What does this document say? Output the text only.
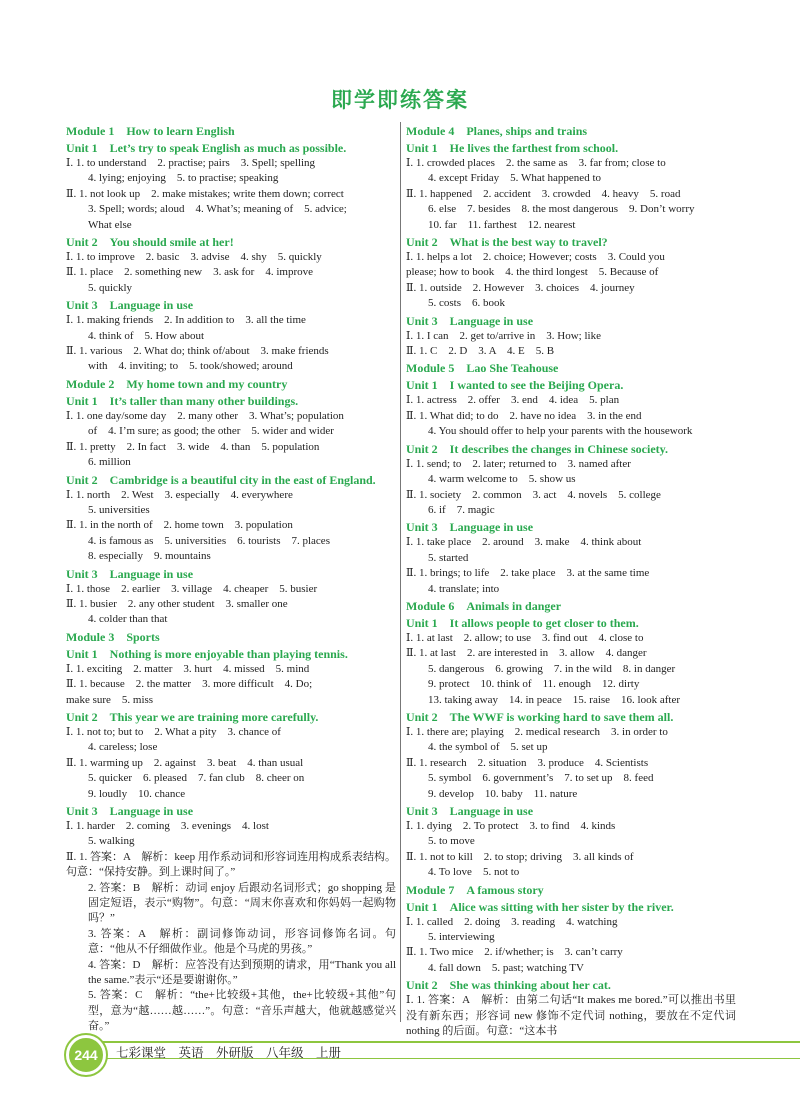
即学即练答案
Module 1　How to learn English
Unit 1　Let’s try to speak English as much as possible.
Ⅰ. 1. to understand　2. practise; pairs　3. Spell; spelling
4. lying; enjoying　5. to practise; speaking
Ⅱ. 1. not look up　2. make mistakes; write them down; correct
3. Spell; words; aloud　4. What’s; meaning of　5. advice;
What else
Unit 2　You should smile at her!
Ⅰ. 1. to improve　2. basic　3. advise　4. shy　5. quickly
Ⅱ. 1. place　2. something new　3. ask for　4. improve
5. quickly
Unit 3　Language in use
Ⅰ. 1. making friends　2. In addition to　3. all the time
4. think of　5. How about
Ⅱ. 1. various　2. What do; think of/about　3. make friends
with　4. inviting; to　5. took/showed; around
Module 2　My home town and my country
Unit 1　It’s taller than many other buildings.
Ⅰ. 1. one day/some day　2. many other　3. What’s; population
of　4. I’m sure; as good; the other　5. wider and wider
Ⅱ. 1. pretty　2. In fact　3. wide　4. than　5. population
6. million
Unit 2　Cambridge is a beautiful city in the east of England.
Ⅰ. 1. north　2. West　3. especially　4. everywhere
5. universities
Ⅱ. 1. in the north of　2. home town　3. population
4. is famous as　5. universities　6. tourists　7. places
8. especially　9. mountains
Unit 3　Language in use
Ⅰ. 1. those　2. earlier　3. village　4. cheaper　5. busier
Ⅱ. 1. busier　2. any other student　3. smaller one
4. colder than that
Module 3　Sports
Unit 1　Nothing is more enjoyable than playing tennis.
Ⅰ. 1. exciting　2. matter　3. hurt　4. missed　5. mind
Ⅱ. 1. because　2. the matter　3. more difficult　4. Do;
make sure　5. miss
Unit 2　This year we are training more carefully.
Ⅰ. 1. not to; but to　2. What a pity　3. chance of
4. careless; lose
Ⅱ. 1. warming up　2. against　3. beat　4. than usual
5. quicker　6. pleased　7. fan club　8. cheer on
9. loudly　10. chance
Unit 3　Language in use
Ⅰ. 1. harder　2. coming　3. evenings　4. lost
5. walking
Ⅱ. 1. 答案：A　解析：keep 用作系动词和形容词连用构成系表结构。句意：“保持安静。到上课时间了。”
2. 答案：B　解析：动词 enjoy 后跟动名词形式；go shopping 是固定短语，表示“购物”。句意：“周末你喜欢和你妈妈一起购物吗？”
3. 答案：A　解析：副词修饰动词，形容词修饰名词。句意：“他从不仔细做作业。他是个马虎的男孩。”
4. 答案：D　解析：应答没有达到预期的请求，用“Thank you all the same.”表示“还是要谢谢你。”
5. 答案：C　解析：“the+比较级+其他，the+比较级+其他”句型，意为“越……越……”。句意：“音乐声越大，他就越感觉兴奋。”
Module 4　Planes, ships and trains
Unit 1　He lives the farthest from school.
Ⅰ. 1. crowded places　2. the same as　3. far from; close to
4. except Friday　5. What happened to
Ⅱ. 1. happened　2. accident　3. crowded　4. heavy　5. road
6. else　7. besides　8. the most dangerous　9. Don’t worry
10. far　11. farthest　12. nearest
Unit 2　What is the best way to travel?
Ⅰ. 1. helps a lot　2. choice; However; costs　3. Could you
please; how to book　4. the third longest　5. Because of
Ⅱ. 1. outside　2. However　3. choices　4. journey
5. costs　6. book
Unit 3　Language in use
Ⅰ. 1. I can　2. get to/arrive in　3. How; like
Ⅱ. 1. C　2. D　3. A　4. E　5. B
Module 5　Lao She Teahouse
Unit 1　I wanted to see the Beijing Opera.
Ⅰ. 1. actress　2. offer　3. end　4. idea　5. plan
Ⅱ. 1. What did; to do　2. have no idea　3. in the end
4. You should offer to help your parents with the housework
Unit 2　It describes the changes in Chinese society.
Ⅰ. 1. send; to　2. later; returned to　3. named after
4. warm welcome to　5. show us
Ⅱ. 1. society　2. common　3. act　4. novels　5. college
6. if　7. magic
Unit 3　Language in use
Ⅰ. 1. take place　2. around　3. make　4. think about
5. started
Ⅱ. 1. brings; to life　2. take place　3. at the same time
4. translate; into
Module 6　Animals in danger
Unit 1　It allows people to get closer to them.
Ⅰ. 1. at last　2. allow; to use　3. find out　4. close to
Ⅱ. 1. at last　2. are interested in　3. allow　4. danger
5. dangerous　6. growing　7. in the wild　8. in danger
9. protect　10. think of　11. enough　12. dirty
13. taking away　14. in peace　15. raise　16. look after
Unit 2　The WWF is working hard to save them all.
Ⅰ. 1. there are; playing　2. medical research　3. in order to
4. the symbol of　5. set up
Ⅱ. 1. research　2. situation　3. produce　4. Scientists
5. symbol　6. government’s　7. to set up　8. feed
9. develop　10. baby　11. nature
Unit 3　Language in use
Ⅰ. 1. dying　2. To protect　3. to find　4. kinds
5. to move
Ⅱ. 1. not to kill　2. to stop; driving　3. all kinds of
4. To love　5. not to
Module 7　A famous story
Unit 1　Alice was sitting with her sister by the river.
Ⅰ. 1. called　2. doing　3. reading　4. watching
5. interviewing
Ⅱ. 1. Two mice　2. if/whether; is　3. can’t carry
4. fall down　5. past; watching TV
Unit 2　She was thinking about her cat.
Ⅰ. 1. 答案：A　解析：由第二句话“It makes me bored.”可以推出书里没有新东西；形容词 new 修饰不定代词 nothing，要放在不定代词 nothing 的后面。句意：“这本书
244	七彩课堂　英语　外研版　八年级　上册
